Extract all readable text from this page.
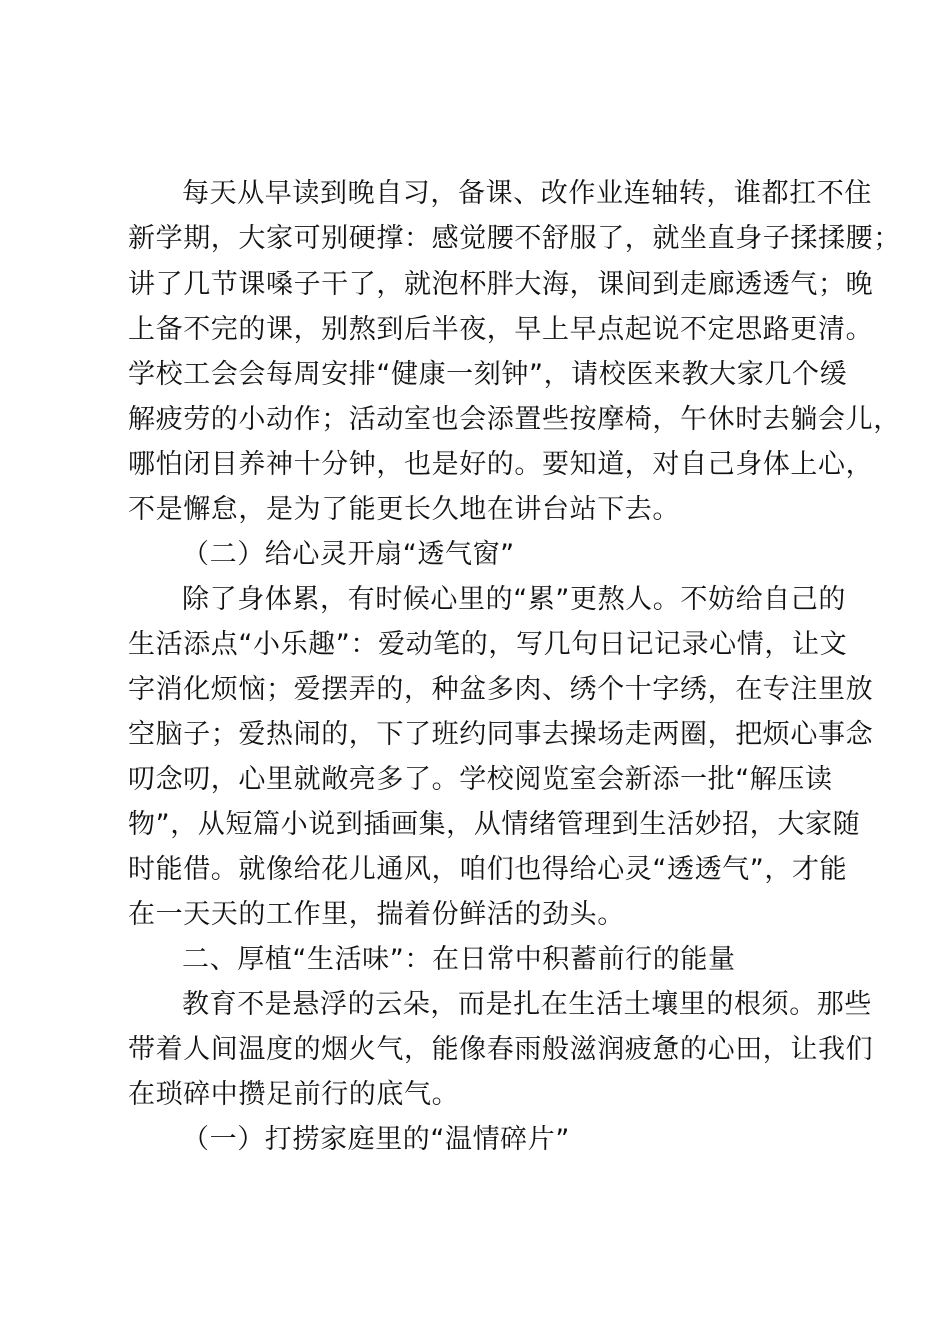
每天从早读到晚自习，备课、改作业连轴转，谁都扛不住
新学期，大家可别硬撑：感觉腰不舒服了，就坐直身子揉揉腰；
讲了几节课嗓子干了，就泡杯胖大海，课间到走廊透透气；晚
上备不完的课，别熬到后半夜，早上早点起说不定思路更清。
学校工会会每周安排“健康一刻钟”，请校医来教大家几个缓
解疲劳的小动作；活动室也会添置些按摩椅，午休时去躺会儿，
哪怕闭目养神十分钟，也是好的。要知道，对自己身体上心，
不是懈怠，是为了能更长久地在讲台站下去。
（二）给心灵开扇“透气窗”
除了身体累，有时候心里的“累”更熬人。不妨给自己的
生活添点“小乐趣”：爱动笔的，写几句日记记录心情，让文
字消化烦恼；爱摆弄的，种盆多肉、绣个十字绣，在专注里放
空脑子；爱热闹的，下了班约同事去操场走两圈，把烦心事念
叨念叨，心里就敞亮多了。学校阅览室会新添一批“解压读
物”，从短篇小说到插画集，从情绪管理到生活妙招，大家随
时能借。就像给花儿通风，咱们也得给心灵“透透气”，才能
在一天天的工作里，揣着份鲜活的劲头。
二、厚植“生活味”：在日常中积蓄前行的能量
教育不是悬浮的云朵，而是扎在生活土壤里的根须。那些
带着人间温度的烟火气，能像春雨般滋润疲惫的心田，让我们
在琐碎中攒足前行的底气。
（一）打捞家庭里的“温情碎片”
